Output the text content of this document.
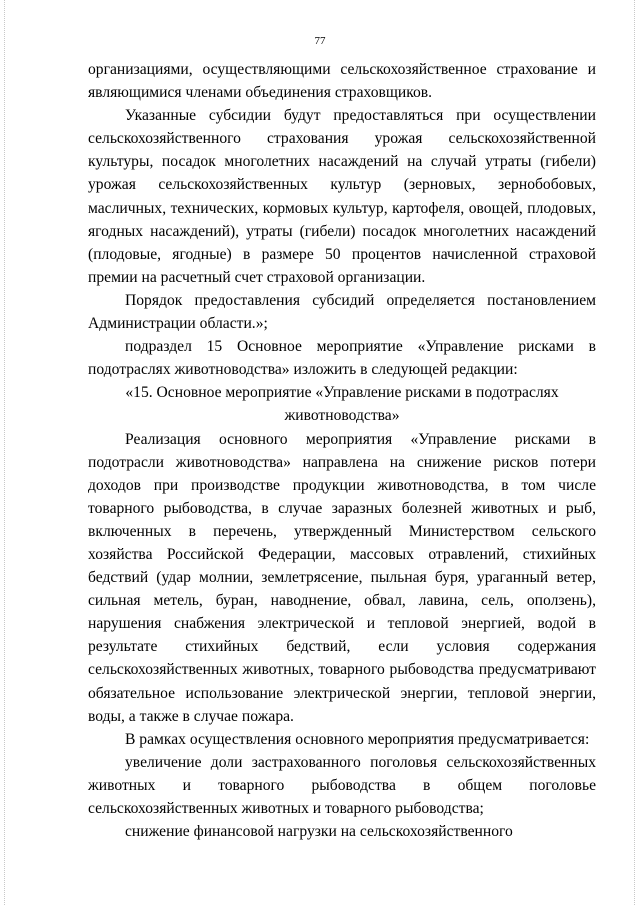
77

организациями, осуществляющими сельскохозяйственное страхование и являющимися членами объединения страховщиков.

Указанные субсидии будут предоставляться при осуществлении сельскохозяйственного страхования урожая сельскохозяйственной культуры, посадок многолетних насаждений на случай утраты (гибели) урожая сельскохозяйственных культур (зерновых, зернобобовых, масличных, технических, кормовых культур, картофеля, овощей, плодовых, ягодных насаждений), утраты (гибели) посадок многолетних насаждений (плодовые, ягодные) в размере 50 процентов начисленной страховой премии на расчетный счет страховой организации.

Порядок предоставления субсидий определяется постановлением Администрации области.»;

подраздел 15 Основное мероприятие «Управление рисками в подотраслях животноводства» изложить в следующей редакции:

«15. Основное мероприятие «Управление рисками в подотраслях животноводства»

Реализация основного мероприятия «Управление рисками в подотрасли животноводства» направлена на снижение рисков потери доходов при производстве продукции животноводства, в том числе товарного рыбоводства, в случае заразных болезней животных и рыб, включенных в перечень, утвержденный Министерством сельского хозяйства Российской Федерации, массовых отравлений, стихийных бедствий (удар молнии, землетрясение, пыльная буря, ураганный ветер, сильная метель, буран, наводнение, обвал, лавина, сель, оползень), нарушения снабжения электрической и тепловой энергией, водой в результате стихийных бедствий, если условия содержания сельскохозяйственных животных, товарного рыбоводства предусматривают обязательное использование электрической энергии, тепловой энергии, воды, а также в случае пожара.

В рамках осуществления основного мероприятия предусматривается:

увеличение доли застрахованного поголовья сельскохозяйственных животных и товарного рыбоводства в общем поголовье сельскохозяйственных животных и товарного рыбоводства;

снижение финансовой нагрузки на сельскохозяйственного
